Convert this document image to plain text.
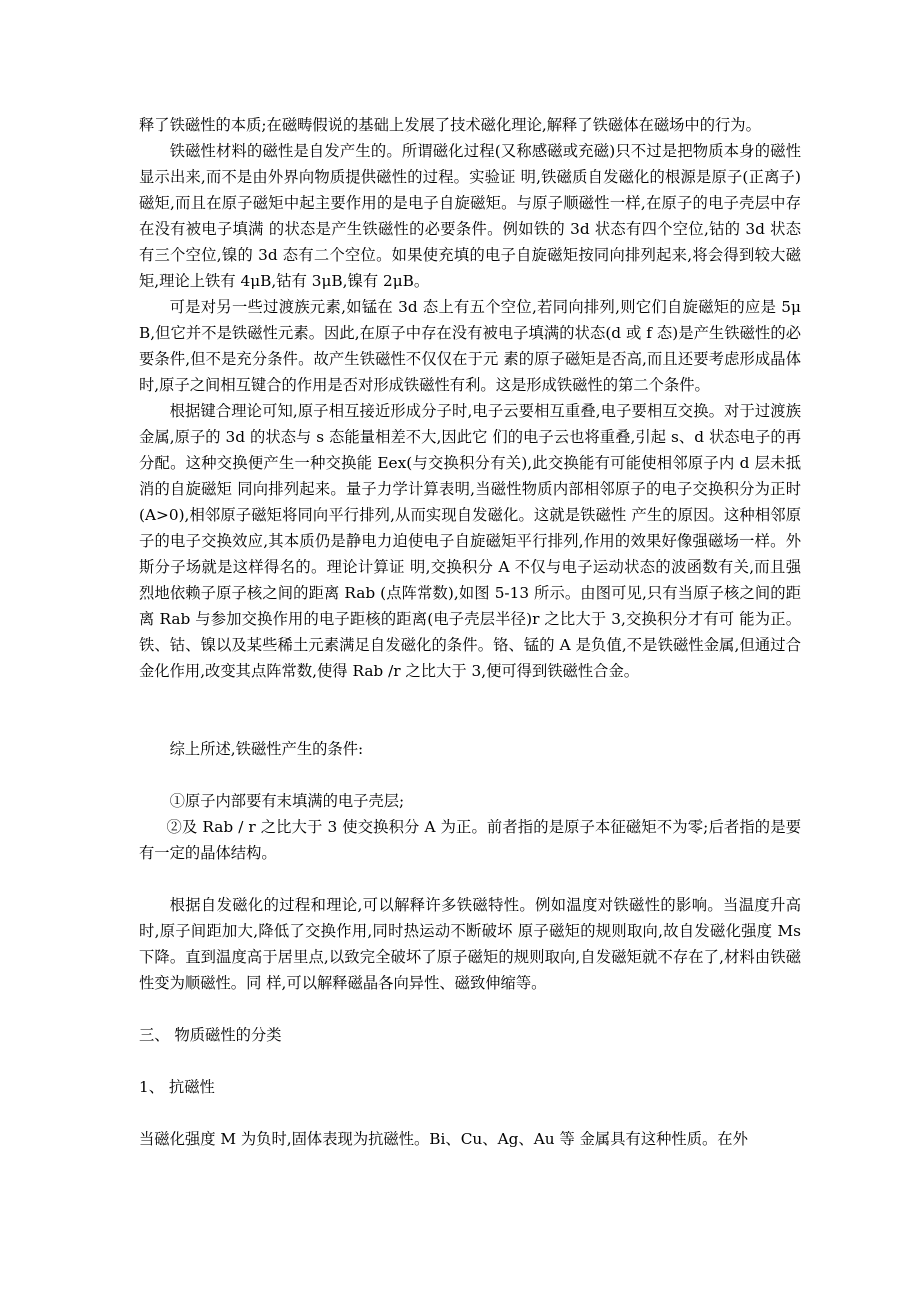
释了铁磁性的本质;在磁畴假说的基础上发展了技术磁化理论,解释了铁磁体在磁场中的行为。

铁磁性材料的磁性是自发产生的。所谓磁化过程(又称感磁或充磁)只不过是把物质本身的磁性显示出来,而不是由外界向物质提供磁性的过程。实验证 明,铁磁质自发磁化的根源是原子(正离子)磁矩,而且在原子磁矩中起主要作用的是电子自旋磁矩。与原子顺磁性一样,在原子的电子壳层中存在没有被电子填满 的状态是产生铁磁性的必要条件。例如铁的 3d 状态有四个空位,钴的 3d 状态有三个空位,镍的 3d 态有二个空位。如果使充填的电子自旋磁矩按同向排列起来,将会得到较大磁矩,理论上铁有 4μB,钴有 3μB,镍有 2μB。

可是对另一些过渡族元素,如锰在 3d 态上有五个空位,若同向排列,则它们自旋磁矩的应是 5μB,但它并不是铁磁性元素。因此,在原子中存在没有被电子填满的状态(d 或 f 态)是产生铁磁性的必要条件,但不是充分条件。故产生铁磁性不仅仅在于元 素的原子磁矩是否高,而且还要考虑形成晶体时,原子之间相互键合的作用是否对形成铁磁性有利。这是形成铁磁性的第二个条件。

根据键合理论可知,原子相互接近形成分子时,电子云要相互重叠,电子要相互交换。对于过渡族金属,原子的 3d 的状态与 s 态能量相差不大,因此它 们的电子云也将重叠,引起 s、d 状态电子的再分配。这种交换便产生一种交换能 Eex(与交换积分有关),此交换能有可能使相邻原子内 d 层未抵消的自旋磁矩 同向排列起来。量子力学计算表明,当磁性物质内部相邻原子的电子交换积分为正时(A>0),相邻原子磁矩将同向平行排列,从而实现自发磁化。这就是铁磁性 产生的原因。这种相邻原子的电子交换效应,其本质仍是静电力迫使电子自旋磁矩平行排列,作用的效果好像强磁场一样。外斯分子场就是这样得名的。理论计算证 明,交换积分 A 不仅与电子运动状态的波函数有关,而且强烈地依赖子原子核之间的距离 Rab (点阵常数),如图 5-13 所示。由图可见,只有当原子核之间的距离 Rab 与参加交换作用的电子距核的距离(电子壳层半径)r 之比大于 3,交换积分才有可 能为正。铁、钴、镍以及某些稀土元素满足自发磁化的条件。铬、锰的 A 是负值,不是铁磁性金属,但通过合金化作用,改变其点阵常数,使得 Rab /r 之比大于 3,便可得到铁磁性合金。

综上所述,铁磁性产生的条件:

①原子内部要有末填满的电子壳层;

②及 Rab / r 之比大于 3 使交换积分 A 为正。前者指的是原子本征磁矩不为零;后者指的是要有一定的晶体结构。

根据自发磁化的过程和理论,可以解释许多铁磁特性。例如温度对铁磁性的影响。当温度升高时,原子间距加大,降低了交换作用,同时热运动不断破坏 原子磁矩的规则取向,故自发磁化强度 Ms 下降。直到温度高于居里点,以致完全破坏了原子磁矩的规则取向,自发磁矩就不存在了,材料由铁磁性变为顺磁性。同 样,可以解释磁晶各向异性、磁致伸缩等。

三、 物质磁性的分类

1、 抗磁性

当磁化强度 M 为负时,固体表现为抗磁性。Bi、Cu、Ag、Au 等 金属具有这种性质。在外
